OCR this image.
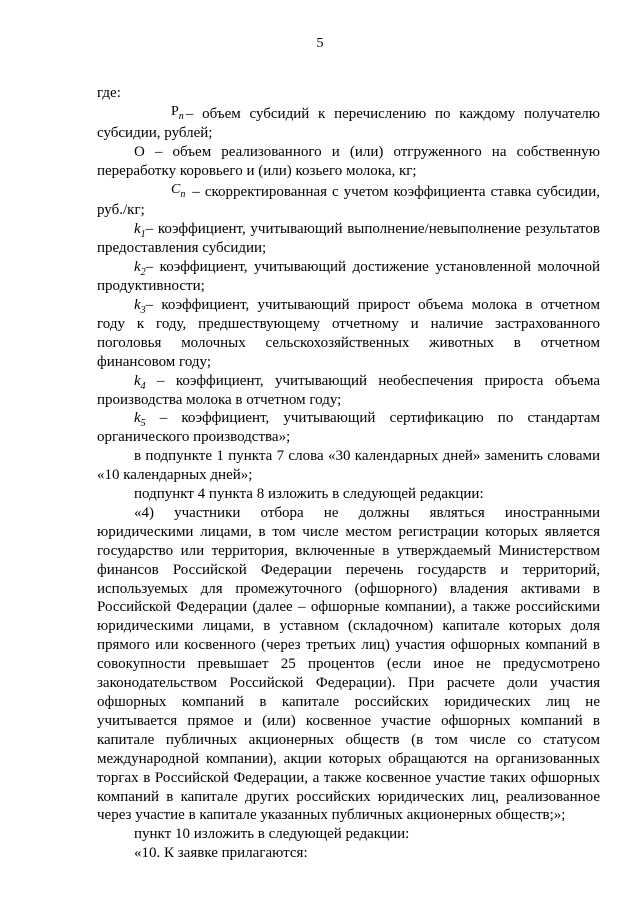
5

где:

$P_n$ – объем субсидий к перечислению по каждому получателю субсидии, рублей;

О – объем реализованного и (или) отгруженного на собственную переработку коровьего и (или) козьего молока, кг;

$C_n$ – скорректированная с учетом коэффициента ставка субсидии, руб./кг;

$k_1-$ коэффициент, учитывающий выполнение/невыполнение результатов предоставления субсидии;

$k_2-$ коэффициент, учитывающий достижение установленной молочной продуктивности;

$k_3-$ коэффициент, учитывающий прирост объема молока в отчетном году к году, предшествующему отчетному и наличие застрахованного поголовья молочных сельскохозяйственных животных в отчетном финансовом году;

$k_4$ – коэффициент, учитывающий необеспечения прироста объема производства молока в отчетном году;

$k_5$ – коэффициент, учитывающий сертификацию по стандартам органического производства»;

в подпункте 1 пункта 7 слова «30 календарных дней» заменить словами «10 календарных дней»;

подпункт 4 пункта 8 изложить в следующей редакции:

«4) участники отбора не должны являться иностранными юридическими лицами, в том числе местом регистрации которых является государство или территория, включенные в утверждаемый Министерством финансов Российской Федерации перечень государств и территорий, используемых для промежуточного (офшорного) владения активами в Российской Федерации (далее – офшорные компании), а также российскими юридическими лицами, в уставном (складочном) капитале которых доля прямого или косвенного (через третьих лиц) участия офшорных компаний в совокупности превышает 25 процентов (если иное не предусмотрено законодательством Российской Федерации). При расчете доли участия офшорных компаний в капитале российских юридических лиц не учитывается прямое и (или) косвенное участие офшорных компаний в капитале публичных акционерных обществ (в том числе со статусом международной компании), акции которых обращаются на организованных торгах в Российской Федерации, а также косвенное участие таких офшорных компаний в капитале других российских юридических лиц, реализованное через участие в капитале указанных публичных акционерных обществ;»;

пункт 10 изложить в следующей редакции:

«10. К заявке прилагаются:
